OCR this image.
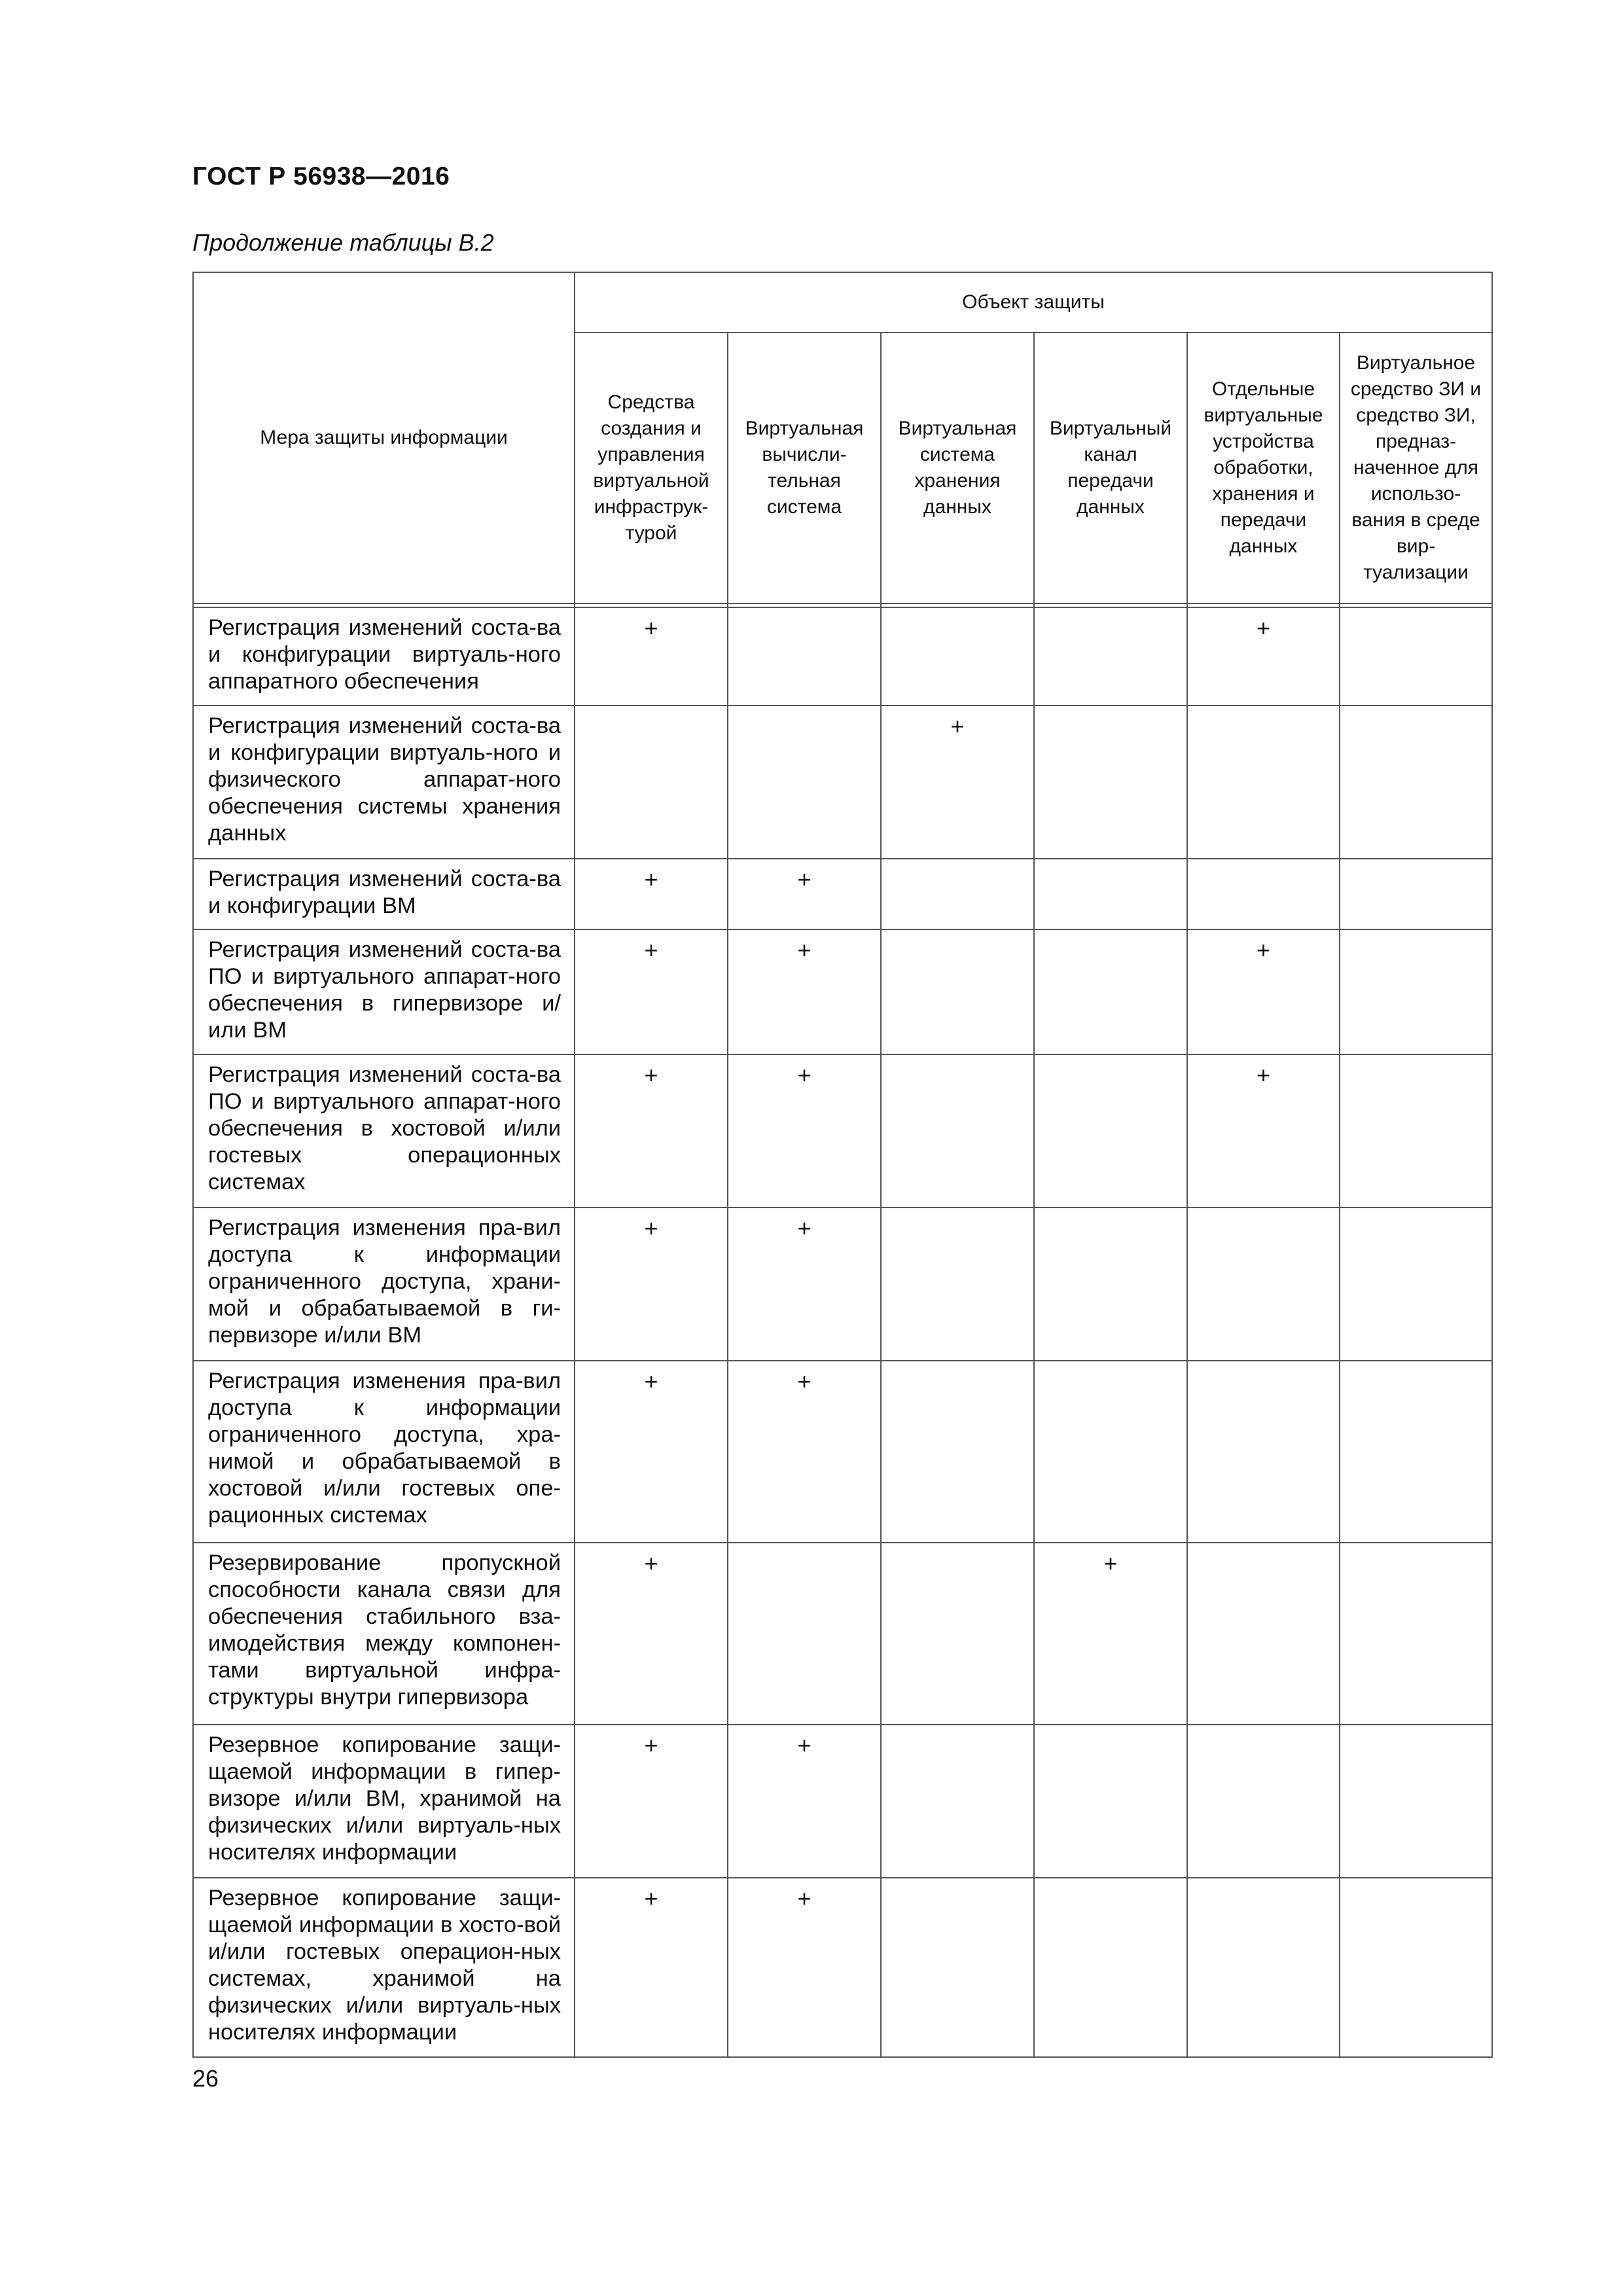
ГОСТ Р 56938—2016
Продолжение таблицы В.2
Мера защиты информации	Объект защиты					
	Средства создания и управления виртуальной инфраструк-турой	Виртуальная вычисли-тельная система	Виртуальная система хранения данных	Виртуальный канал передачи данных	Отдельные виртуальные устройства обработки, хранения и передачи данных	Виртуальное средство ЗИ и средство ЗИ, предназ-наченное для использо-вания в среде вир-туализации

Регистрация изменений соста-ва и конфигурации виртуаль-ного аппаратного обеспечения	+				+	
Регистрация изменений соста-ва и конфигурации виртуаль-ного и физического аппарат-ного обеспечения системы хранения данных			+			
Регистрация изменений соста-ва и конфигурации ВМ	+	+				
Регистрация изменений соста-ва ПО и виртуального аппарат-ного обеспечения в гипервизоре и/или ВМ	+	+			+	
Регистрация изменений соста-ва ПО и виртуального аппарат-ного обеспечения в хостовой и/или гостевых операционных системах	+	+			+	
Регистрация изменения пра-вил доступа к информации ограниченного доступа, храни-мой и обрабатываемой в ги-первизоре и/или ВМ	+	+				
Регистрация изменения пра-вил доступа к информации ограниченного доступа, хра-нимой и обрабатываемой в хостовой и/или гостевых опе-рационных системах	+	+				
Резервирование пропускной способности канала связи для обеспечения стабильного вза-имодействия между компонен-тами виртуальной инфра-структуры внутри гипервизора	+			+		
Резервное копирование защи-щаемой информации в гипер-визоре и/или ВМ, хранимой на физических и/или виртуаль-ных носителях информации	+	+				
Резервное копирование защи-щаемой информации в хосто-вой и/или гостевых операцион-ных системах, хранимой на физических и/или виртуаль-ных носителях информации	+	+				
26
